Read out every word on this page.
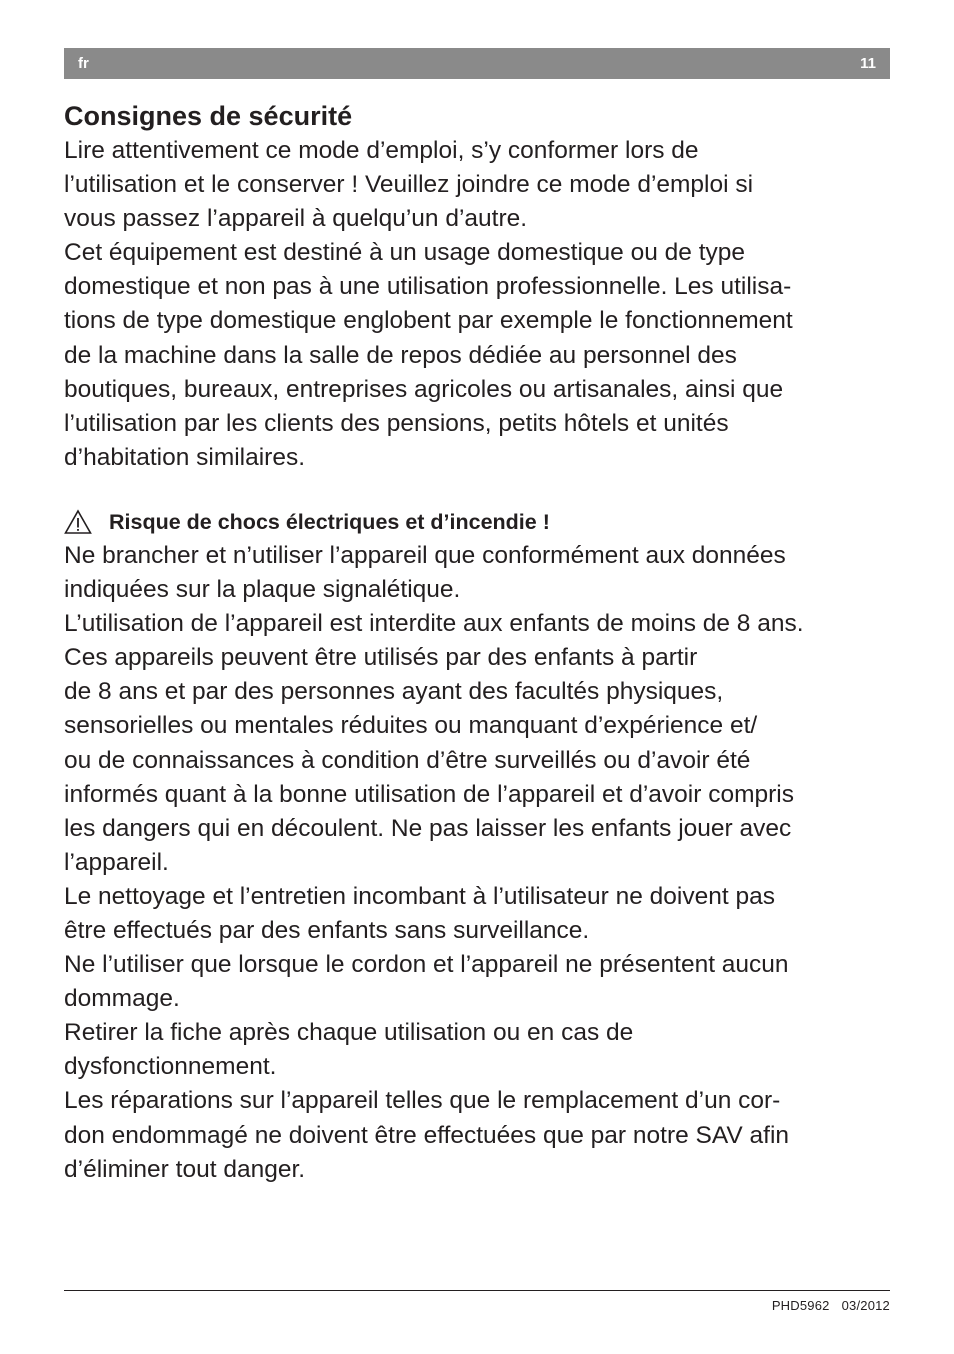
fr	11
Consignes de sécurité

Lire attentivement ce mode d’emploi, s’y conformer lors de
l’utilisation et le conserver ! Veuillez joindre ce mode d’emploi si
vous passez l’appareil à quelqu’un d’autre.

Cet équipement est destiné à un usage domestique ou de type
domestique et non pas à une utilisation professionnelle. Les utilisa-
tions de type domestique englobent par exemple le fonctionnement
de la machine dans la salle de repos dédiée au personnel des
boutiques, bureaux, entreprises agricoles ou artisanales, ainsi que
l’utilisation par les clients des pensions, petits hôtels et unités
d’habitation similaires.

Risque de chocs électriques et d’incendie !

Ne brancher et n’utiliser l’appareil que conformément aux données
indiquées sur la plaque signalétique.

L’utilisation de l’appareil est interdite aux enfants de moins de 8 ans.

Ces appareils peuvent être utilisés par des enfants à partir
de 8 ans et par des personnes ayant des facultés physiques,
sensorielles ou mentales réduites ou manquant d’expérience et/
ou de connaissances à condition d’être surveillés ou d’avoir été
informés quant à la bonne utilisation de l’appareil et d’avoir compris
les dangers qui en découlent. Ne pas laisser les enfants jouer avec
l’appareil.

Le nettoyage et l’entretien incombant à l’utilisateur ne doivent pas
être effectués par des enfants sans surveillance.

Ne l’utiliser que lorsque le cordon et l’appareil ne présentent aucun
dommage.

Retirer la fiche après chaque utilisation ou en cas de
dysfonctionnement.

Les réparations sur l’appareil telles que le remplacement d’un cor-
don endommagé ne doivent être effectuées que par notre SAV afin
d’éliminer tout danger.

PHD5962 03/2012
